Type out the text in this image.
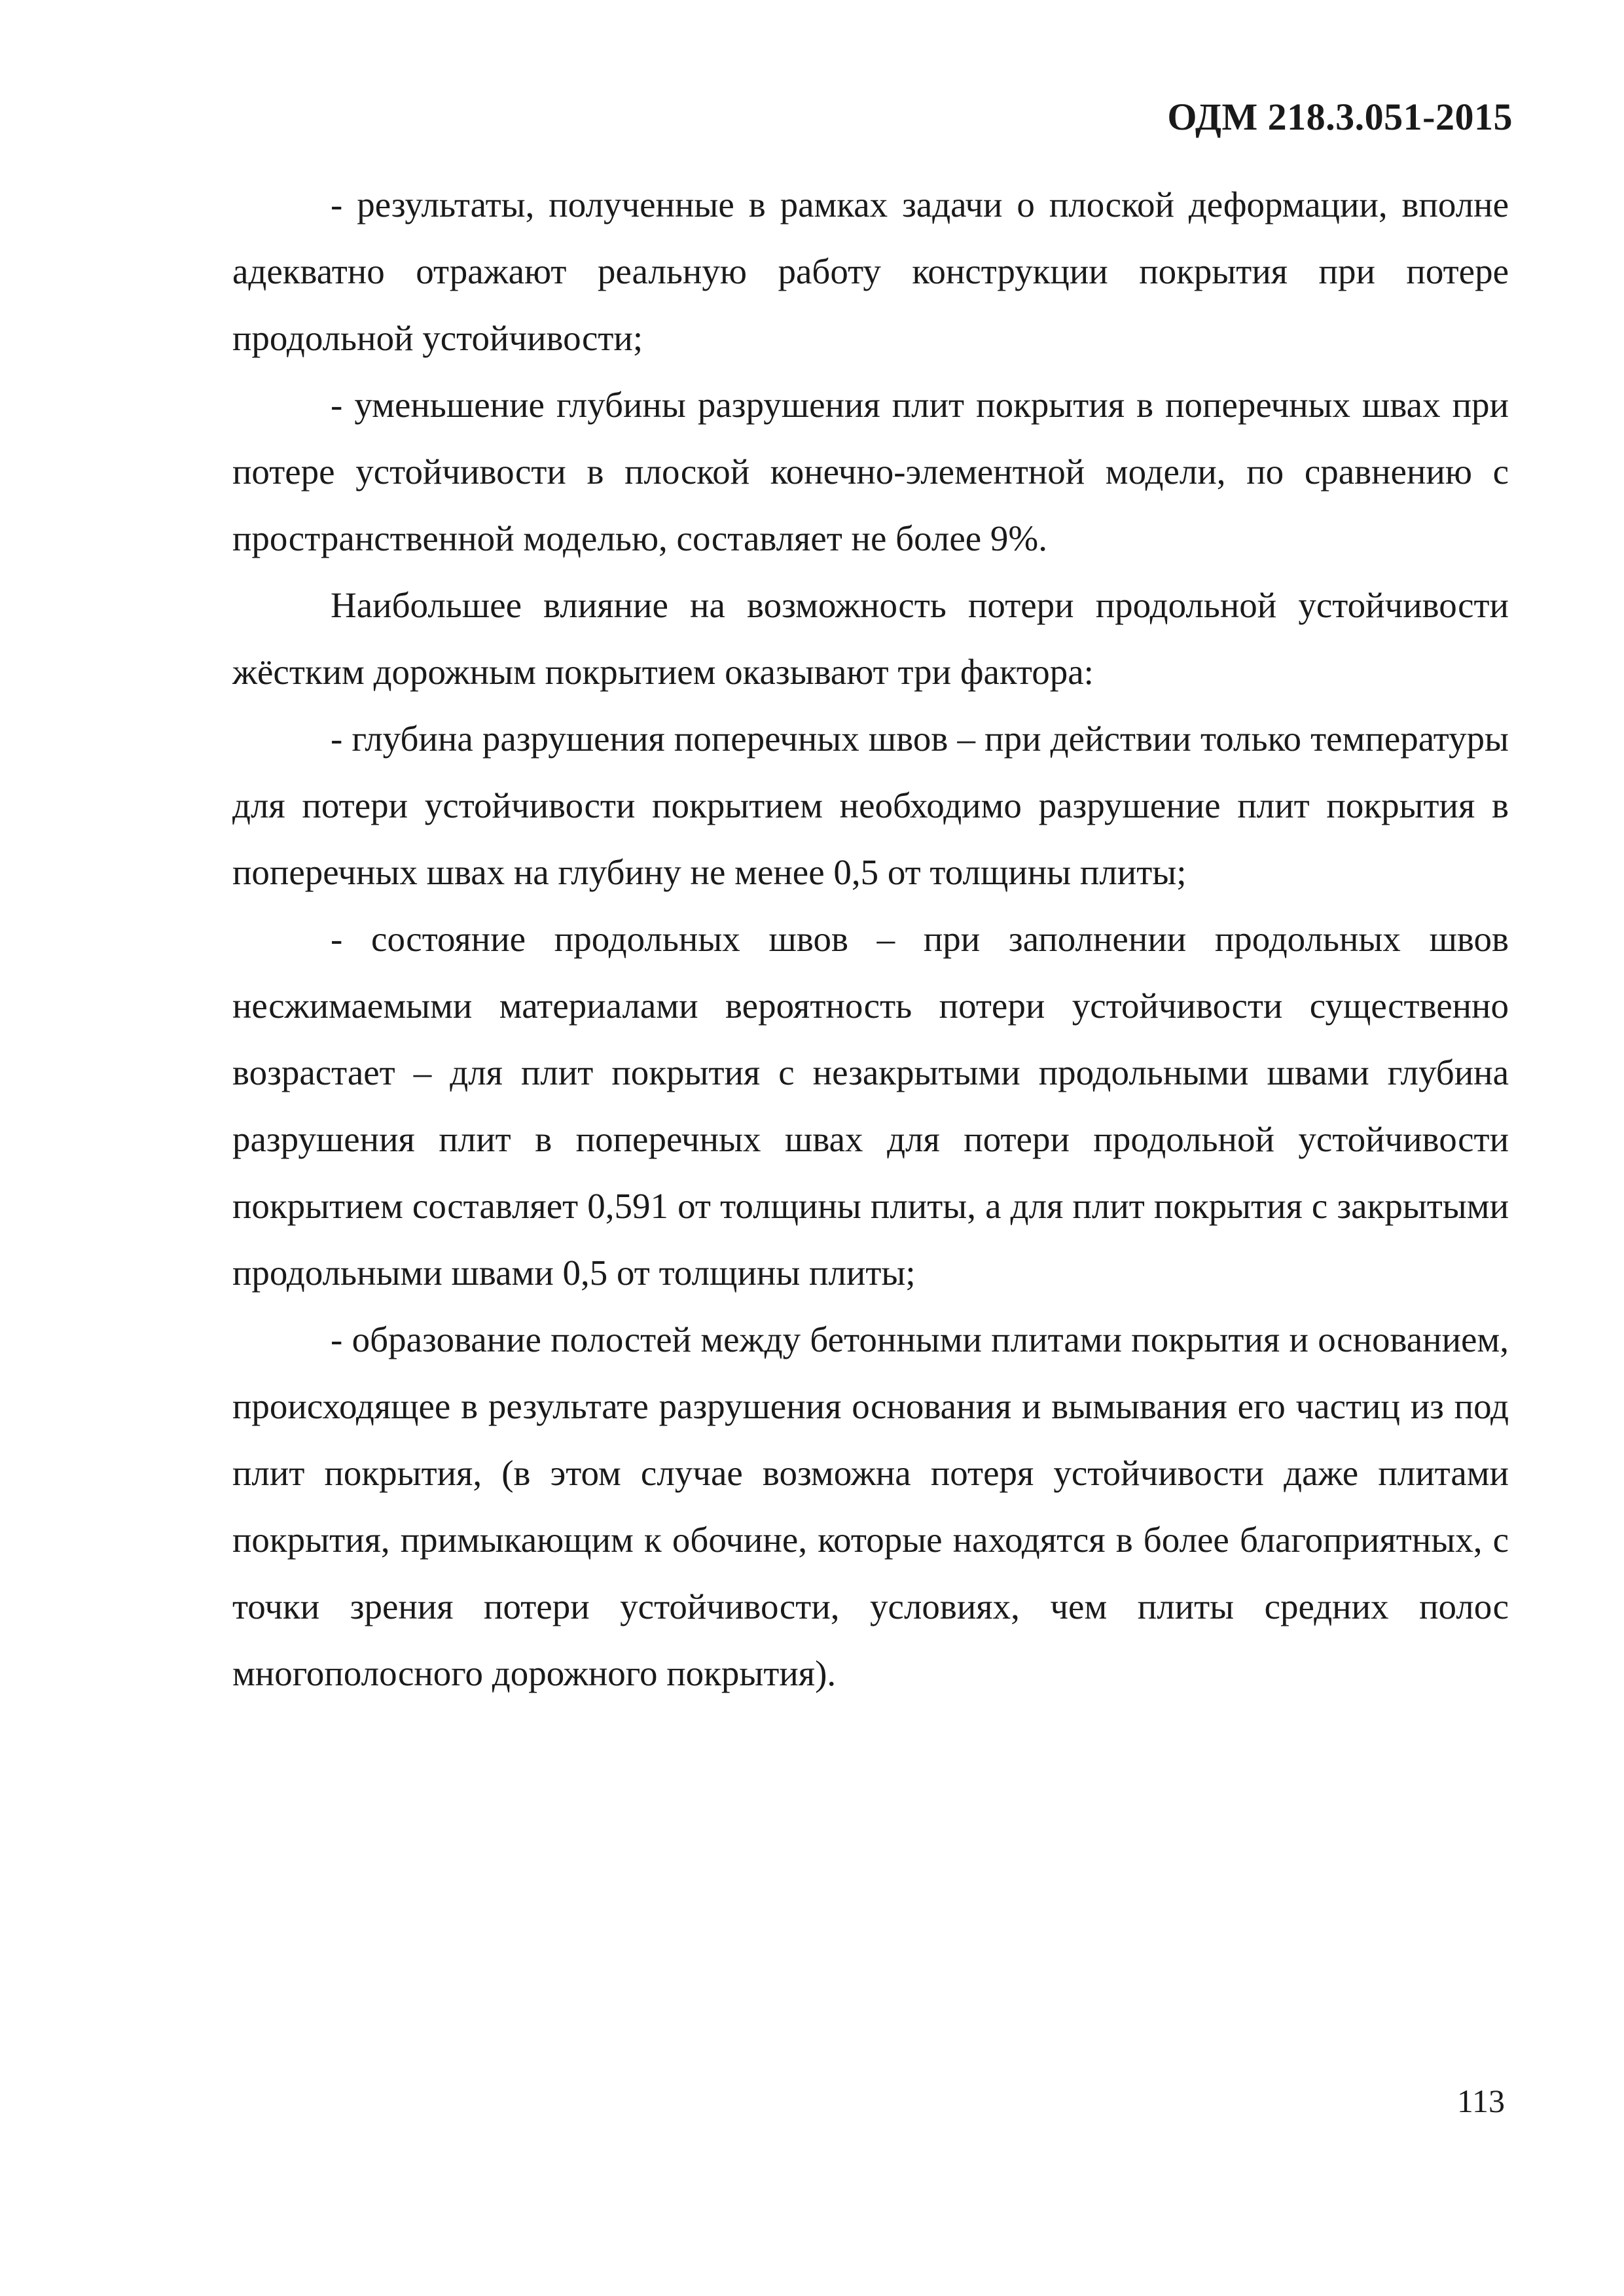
ОДМ 218.3.051-2015

- результаты, полученные в рамках задачи о плоской деформации, вполне адекватно отражают реальную работу конструкции покрытия при потере продольной устойчивости;

- уменьшение глубины разрушения плит покрытия в поперечных швах при потере устойчивости в плоской конечно-элементной модели, по сравнению с пространственной моделью, составляет не более 9%.

Наибольшее влияние на возможность потери продольной устойчивости жёстким дорожным покрытием оказывают три фактора:

- глубина разрушения поперечных швов – при действии только температуры для потери устойчивости покрытием необходимо разрушение плит покрытия в поперечных швах на глубину не менее 0,5 от толщины плиты;

- состояние продольных швов – при заполнении продольных швов несжимаемыми материалами вероятность потери устойчивости существенно возрастает – для плит покрытия с незакрытыми продольными швами глубина разрушения плит в поперечных швах для потери продольной устойчивости покрытием составляет 0,591 от толщины плиты, а для плит покрытия с закрытыми продольными швами 0,5 от толщины плиты;

- образование полостей между бетонными плитами покрытия и основанием, происходящее в результате разрушения основания и вымывания его частиц из под плит покрытия, (в этом случае возможна потеря устойчивости даже плитами покрытия, примыкающим к обочине, которые находятся в более благоприятных, с точки зрения потери устойчивости, условиях, чем плиты средних полос многополосного дорожного покрытия).

113
